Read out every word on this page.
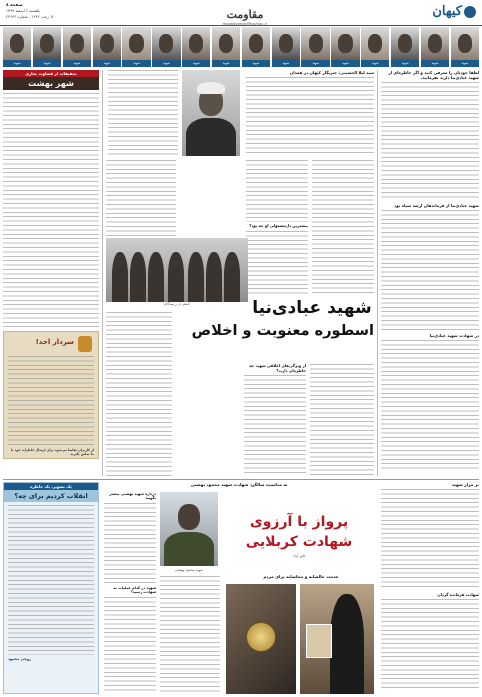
کیهان
مقاومت
moghavemat@kayhan.ir
صفحه ۸
یکشنبه ۶ اسفند ۱۳۹۹
۱۲ رجب ۱۴۴۲ - شماره ۲۲۶۴۴
شهید
شهید
شهید
شهید
شهید
شهید
شهید
شهید
شهید
شهید
شهید
شهید
شهید
شهید
شهید
شهید
لطفا خودتان را معرفی کنید و اگر خاطره‌ای از شهید عبادی‌نیا دارید بفرمایید.
شهید عبادی‌نیا از فرماندهان ارشد سپاه بود
در شهادت شهید عبادی‌نیا
سید لیلا الحسینی: خبرنگار کیهان در همدان
بیشترین دل‌مشغولی او چه بود؟
جمعی از رزمندگان	شهید عبادی‌نیا
اسطوره معنویت و اخلاص
از ویژگی‌های اخلاقی شهید چه خاطره‌ای دارید؟
تحقیقات از قضاوت بخاری
شهر بهشت
سردار احد!
از کاربران تقاضا می‌شود برای ارسال خاطرات خود با ما تماس بگیرند
یک تصویر، یک خاطره
انقلاب کردیم برای چه؟
روحی محمود
بر مزار شهید
شهادت فرمانده گردان
به مناسبت سالگرد شهادت شهید محمود بهشتی
شهید محمود بهشتی
پرواز با آرزوی
شهادت کربلایی
اکبر آزاد
درباره شهید بهشتی بیشتر بگویید
شهید در کدام عملیات به شهادت رسید؟
خدمت خالصانه و مخلصانه برای مردم
